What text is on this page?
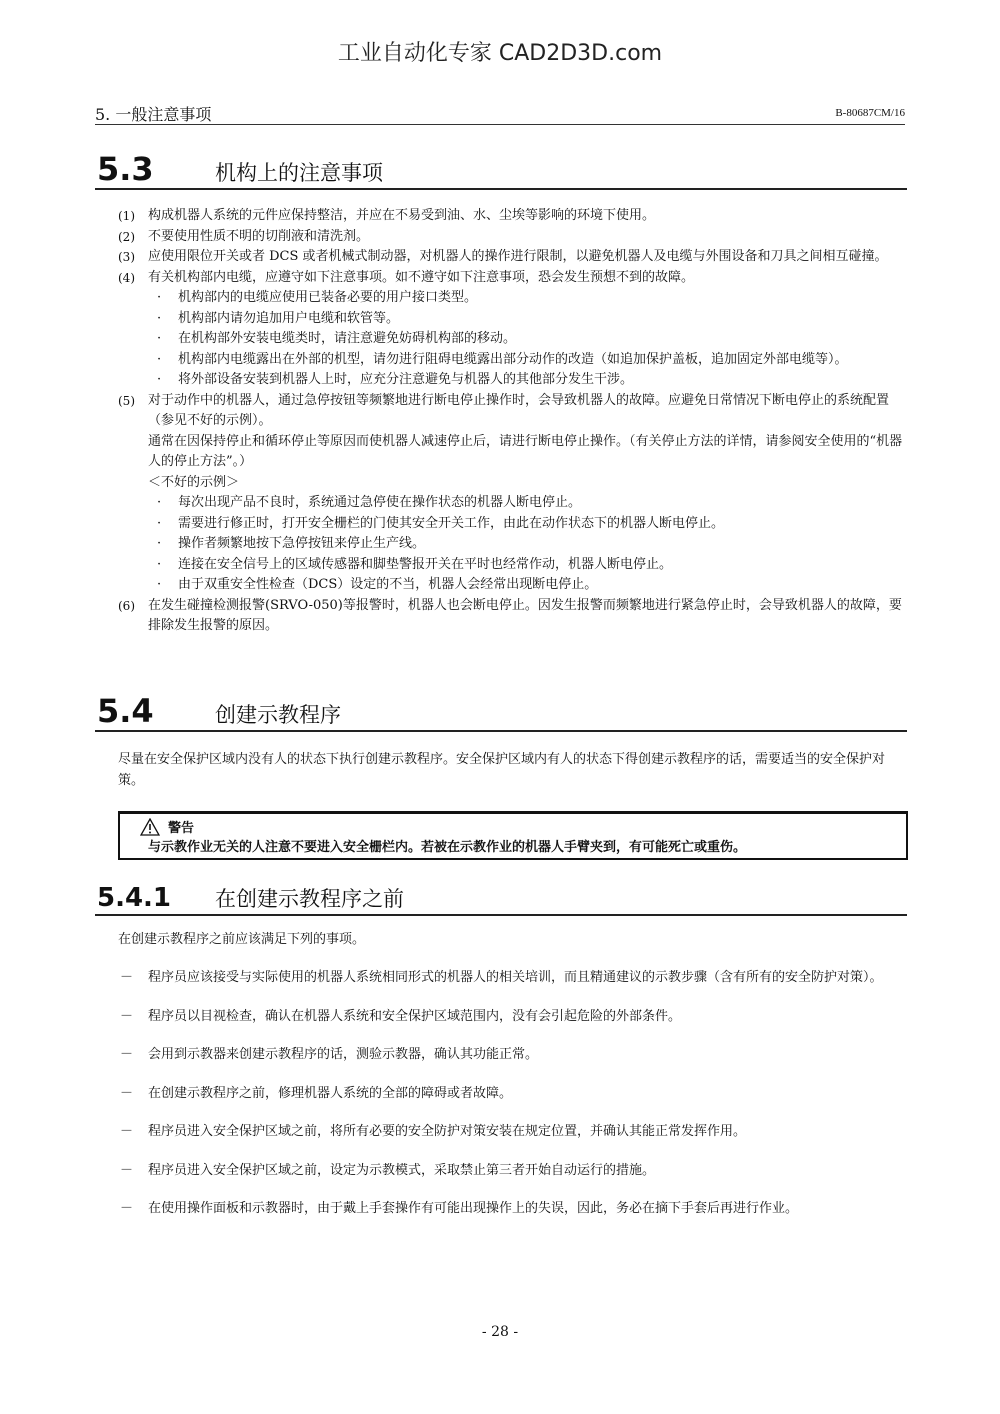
工业自动化专家 CAD2D3D.com
5. 一般注意事项	B-80687CM/16
5.3	机构上的注意事项
(1) 构成机器人系统的元件应保持整洁，并应在不易受到油、水、尘埃等影响的环境下使用。
(2) 不要使用性质不明的切削液和清洗剂。
(3) 应使用限位开关或者 DCS 或者机械式制动器，对机器人的操作进行限制，以避免机器人及电缆与外围设备和刀具之间相互碰撞。
(4) 有关机构部内电缆，应遵守如下注意事项。如不遵守如下注意事项，恐会发生预想不到的故障。
· 机构部内的电缆应使用已装备必要的用户接口类型。
· 机构部内请勿追加用户电缆和软管等。
· 在机构部外安装电缆类时，请注意避免妨碍机构部的移动。
· 机构部内电缆露出在外部的机型，请勿进行阻碍电缆露出部分动作的改造（如追加保护盖板，追加固定外部电缆等）。
· 将外部设备安装到机器人上时，应充分注意避免与机器人的其他部分发生干涉。
(5) 对于动作中的机器人，通过急停按钮等频繁地进行断电停止操作时，会导致机器人的故障。应避免日常情况下断电停止的系统配置（参见不好的示例）。
通常在因保持停止和循环停止等原因而使机器人减速停止后，请进行断电停止操作。（有关停止方法的详情，请参阅安全使用的“机器人的停止方法”。）
＜不好的示例＞
· 每次出现产品不良时，系统通过急停使在操作状态的机器人断电停止。
· 需要进行修正时，打开安全栅栏的门使其安全开关工作，由此在动作状态下的机器人断电停止。
· 操作者频繁地按下急停按钮来停止生产线。
· 连接在安全信号上的区域传感器和脚垫警报开关在平时也经常作动，机器人断电停止。
· 由于双重安全性检查（DCS）设定的不当，机器人会经常出现断电停止。
(6) 在发生碰撞检测报警(SRVO-050)等报警时，机器人也会断电停止。因发生报警而频繁地进行紧急停止时，会导致机器人的故障，要排除发生报警的原因。
5.4	创建示教程序
尽量在安全保护区域内没有人的状态下执行创建示教程序。安全保护区域内有人的状态下得创建示教程序的话，需要适当的安全保护对策。
警告
与示教作业无关的人注意不要进入安全栅栏内。若被在示教作业的机器人手臂夹到，有可能死亡或重伤。
5.4.1 在创建示教程序之前
在创建示教程序之前应该满足下列的事项。
－ 程序员应该接受与实际使用的机器人系统相同形式的机器人的相关培训，而且精通建议的示教步骤（含有所有的安全防护对策）。
－ 程序员以目视检查，确认在机器人系统和安全保护区域范围内，没有会引起危险的外部条件。
－ 会用到示教器来创建示教程序的话，测验示教器，确认其功能正常。
－ 在创建示教程序之前，修理机器人系统的全部的障碍或者故障。
－ 程序员进入安全保护区域之前，将所有必要的安全防护对策安装在规定位置，并确认其能正常发挥作用。
－ 程序员进入安全保护区域之前，设定为示教模式，采取禁止第三者开始自动运行的措施。
－ 在使用操作面板和示教器时，由于戴上手套操作有可能出现操作上的失误，因此，务必在摘下手套后再进行作业。
- 28 -
